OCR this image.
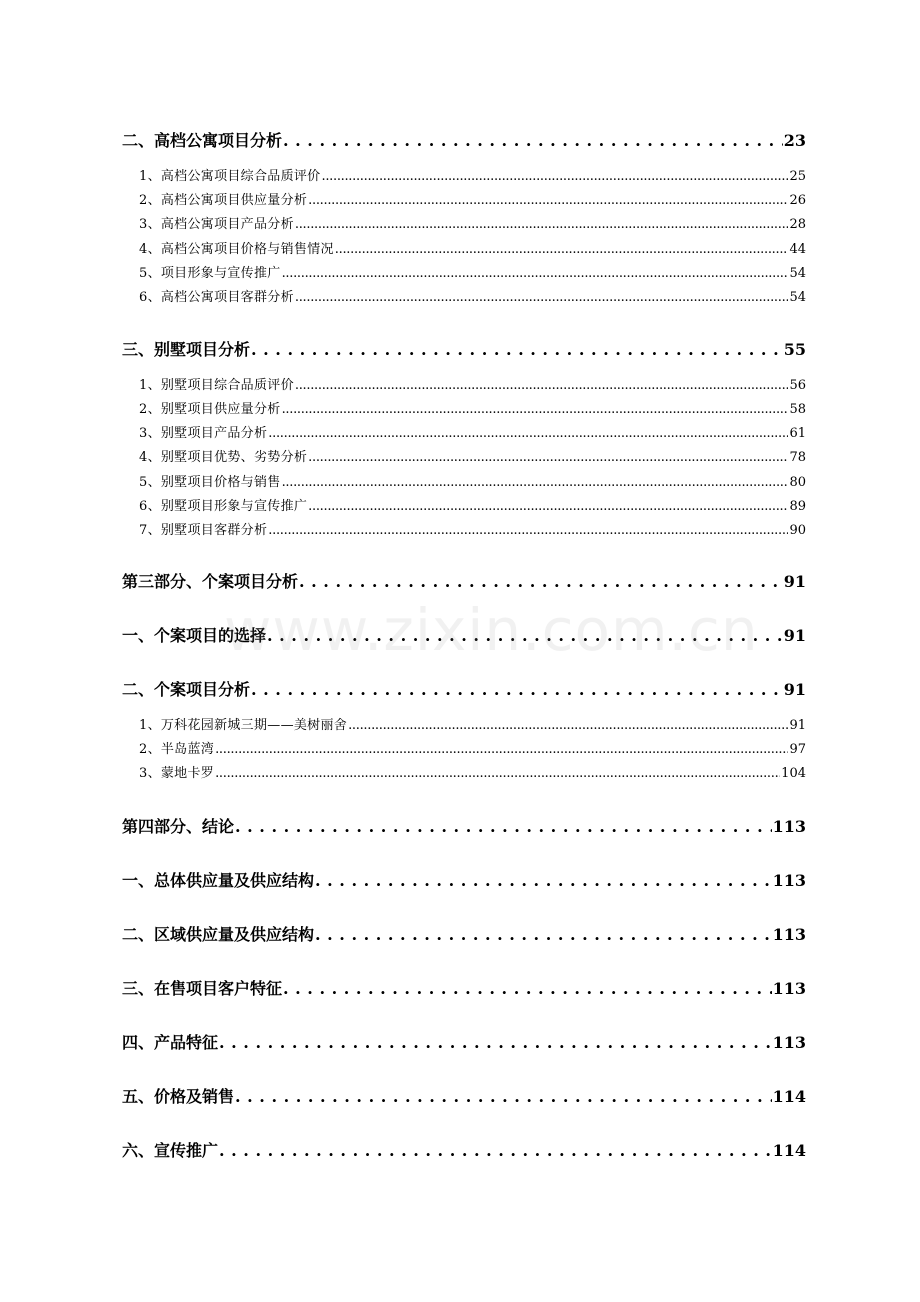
二、高档公寓项目分析 . . .	23
1、高档公寓项目综合品质评价 .....	25
2、高档公寓项目供应量分析 .....	26
3、高档公寓项目产品分析 .....	28
4、高档公寓项目价格与销售情况 .....	44
5、项目形象与宣传推广 .....	54
6、高档公寓项目客群分析 .....	54
三、别墅项目分析 . . .	55
1、别墅项目综合品质评价 .....	56
2、别墅项目供应量分析 .....	58
3、别墅项目产品分析 .....	61
4、别墅项目优势、劣势分析 .....	78
5、别墅项目价格与销售 .....	80
6、别墅项目形象与宣传推广 .....	89
7、别墅项目客群分析 .....	90
第三部分、个案项目分析 . . .	91
一、个案项目的选择 . . .	91
二、个案项目分析 . . .	91
1、万科花园新城三期——美树丽舍 .....	91
2、半岛蓝湾 .....	97
3、蒙地卡罗 .....	104
第四部分、结论 . . .	113
一、总体供应量及供应结构 . . .	113
二、区域供应量及供应结构 . . .	113
三、在售项目客户特征 . . .	113
四、产品特征 . . .	113
五、价格及销售 . . .	114
六、宣传推广 . . .	114
www.zixin.com.cn
